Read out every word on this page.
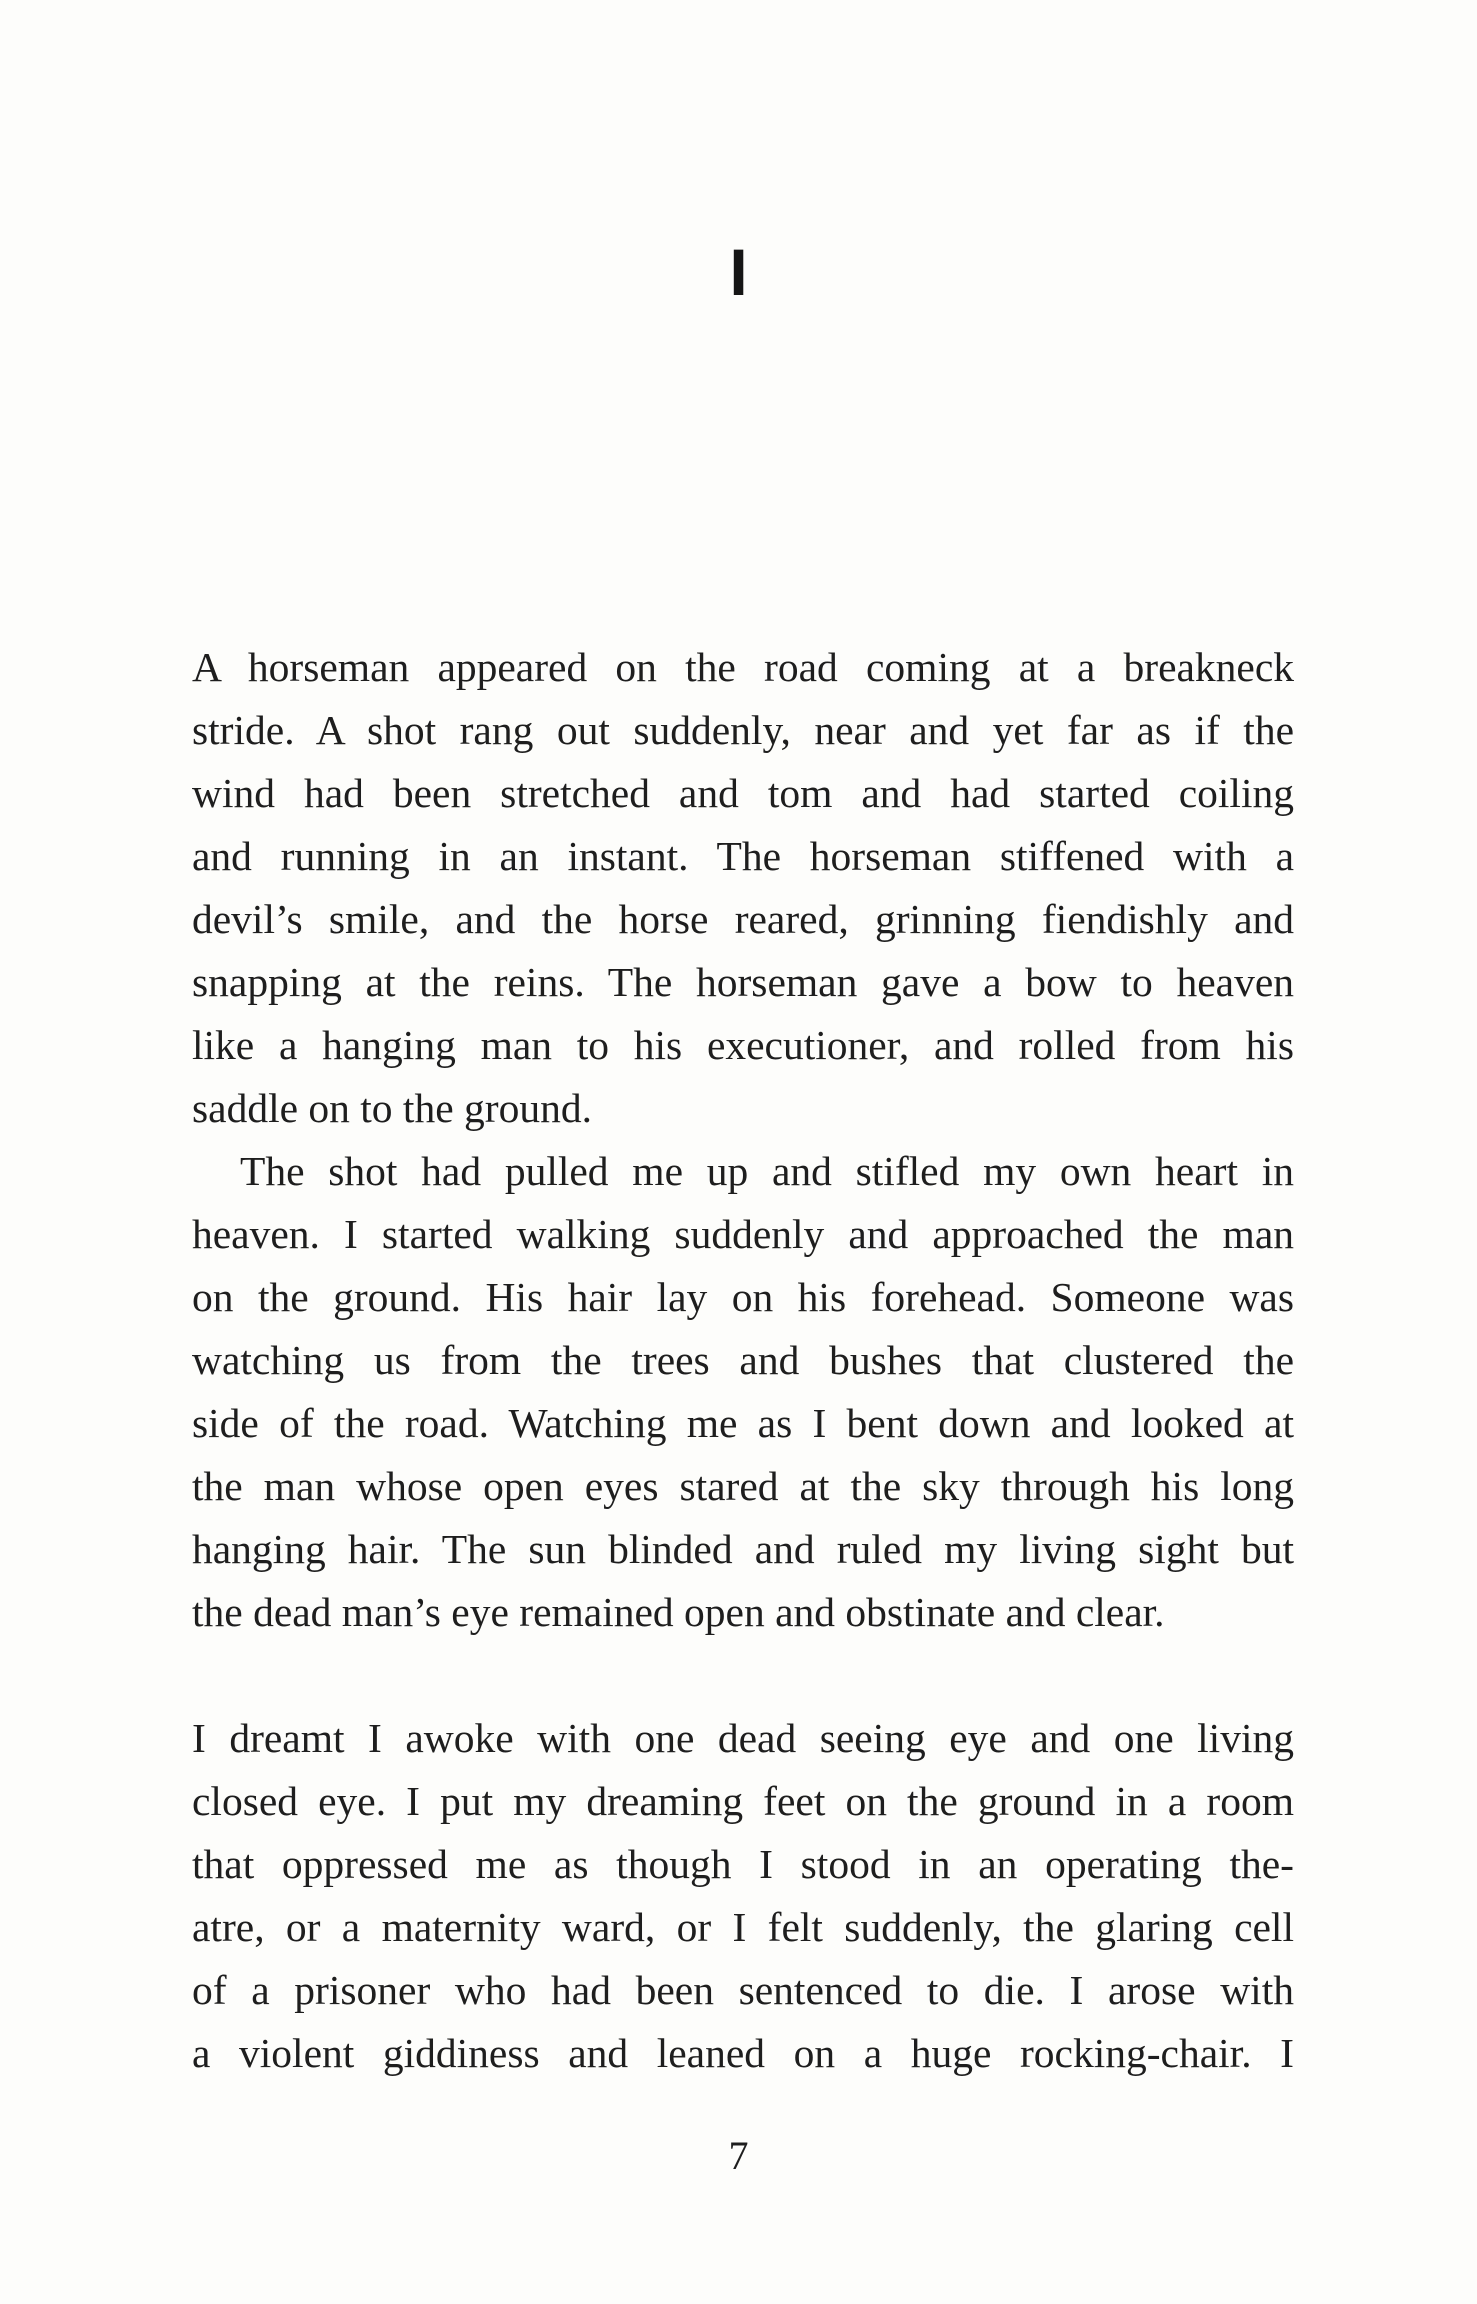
I

A horseman appeared on the road coming at a breakneck
stride. A shot rang out suddenly, near and yet far as if the
wind had been stretched and tom and had started coiling
and running in an instant. The horseman stiffened with a
devil’s smile, and the horse reared, grinning fiendishly and
snapping at the reins. The horseman gave a bow to heaven
like a hanging man to his executioner, and rolled from his
saddle on to the ground.

The shot had pulled me up and stifled my own heart in
heaven. I started walking suddenly and approached the man
on the ground. His hair lay on his forehead. Someone was
watching us from the trees and bushes that clustered the
side of the road. Watching me as I bent down and looked at
the man whose open eyes stared at the sky through his long
hanging hair. The sun blinded and ruled my living sight but
the dead man’s eye remained open and obstinate and clear.

I dreamt I awoke with one dead seeing eye and one living
closed eye. I put my dreaming feet on the ground in a room
that oppressed me as though I stood in an operating the-
atre, or a maternity ward, or I felt suddenly, the glaring cell
of a prisoner who had been sentenced to die. I arose with
a violent giddiness and leaned on a huge rocking-chair. I

7
